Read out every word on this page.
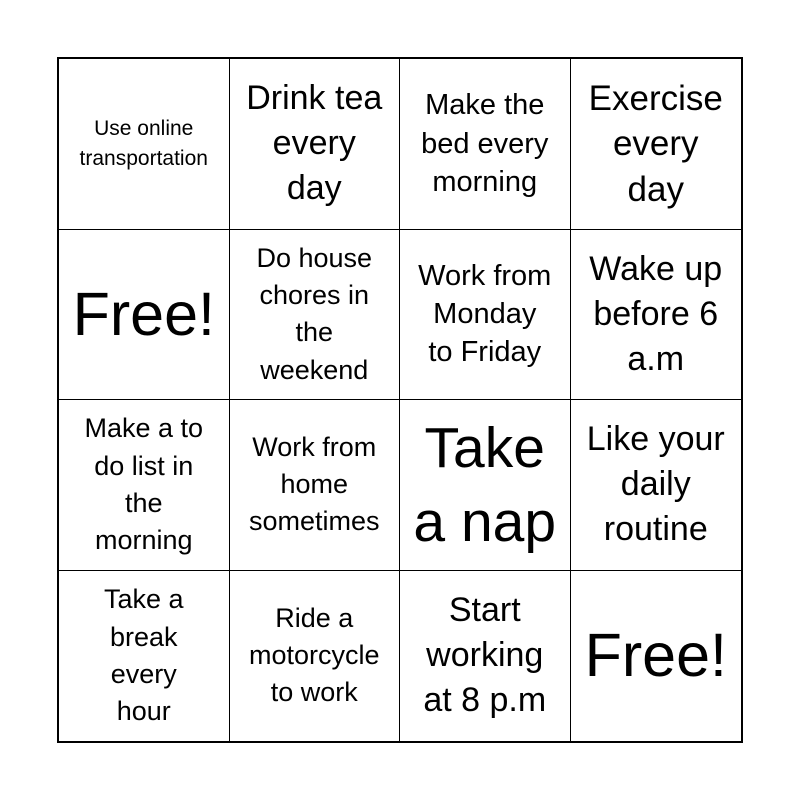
Use online
transportation
Drink tea
every
day
Make the
bed every
morning
Exercise
every
day
Free!
Do house
chores in
the
weekend
Work from
Monday
to Friday
Wake up
before 6
a.m
Make a to
do list in
the
morning
Work from
home
sometimes
Take
a nap
Like your
daily
routine
Take a
break
every
hour
Ride a
motorcycle
to work
Start
working
at 8 p.m
Free!
